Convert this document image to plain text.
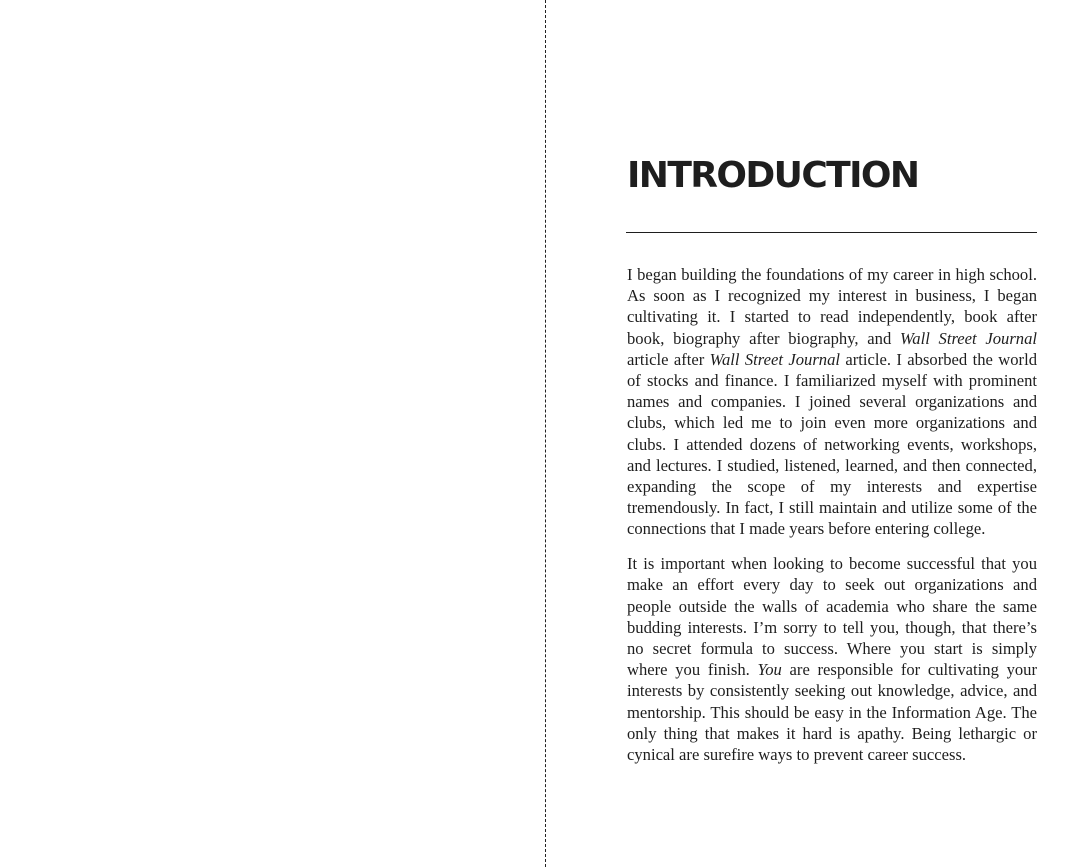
INTRODUCTION

I began building the foundations of my career in high school. As soon as I recognized my interest in business, I began cultivating it. I started to read independently, book after book, biography after biography, and Wall Street Journal article after Wall Street Journal article. I absorbed the world of stocks and finance. I familiarized myself with prominent names and companies. I joined several organizations and clubs, which led me to join even more organizations and clubs. I attended dozens of networking events, workshops, and lectures. I studied, listened, learned, and then connected, expanding the scope of my interests and expertise tremendously. In fact, I still maintain and utilize some of the connections that I made years before entering college.

It is important when looking to become successful that you make an effort every day to seek out organizations and people outside the walls of academia who share the same budding interests. I’m sorry to tell you, though, that there’s no secret formula to success. Where you start is simply where you finish. You are responsible for cultivating your interests by consistently seeking out knowledge, advice, and mentorship. This should be easy in the Information Age. The only thing that makes it hard is apathy. Being lethargic or cynical are surefire ways to prevent career success.
